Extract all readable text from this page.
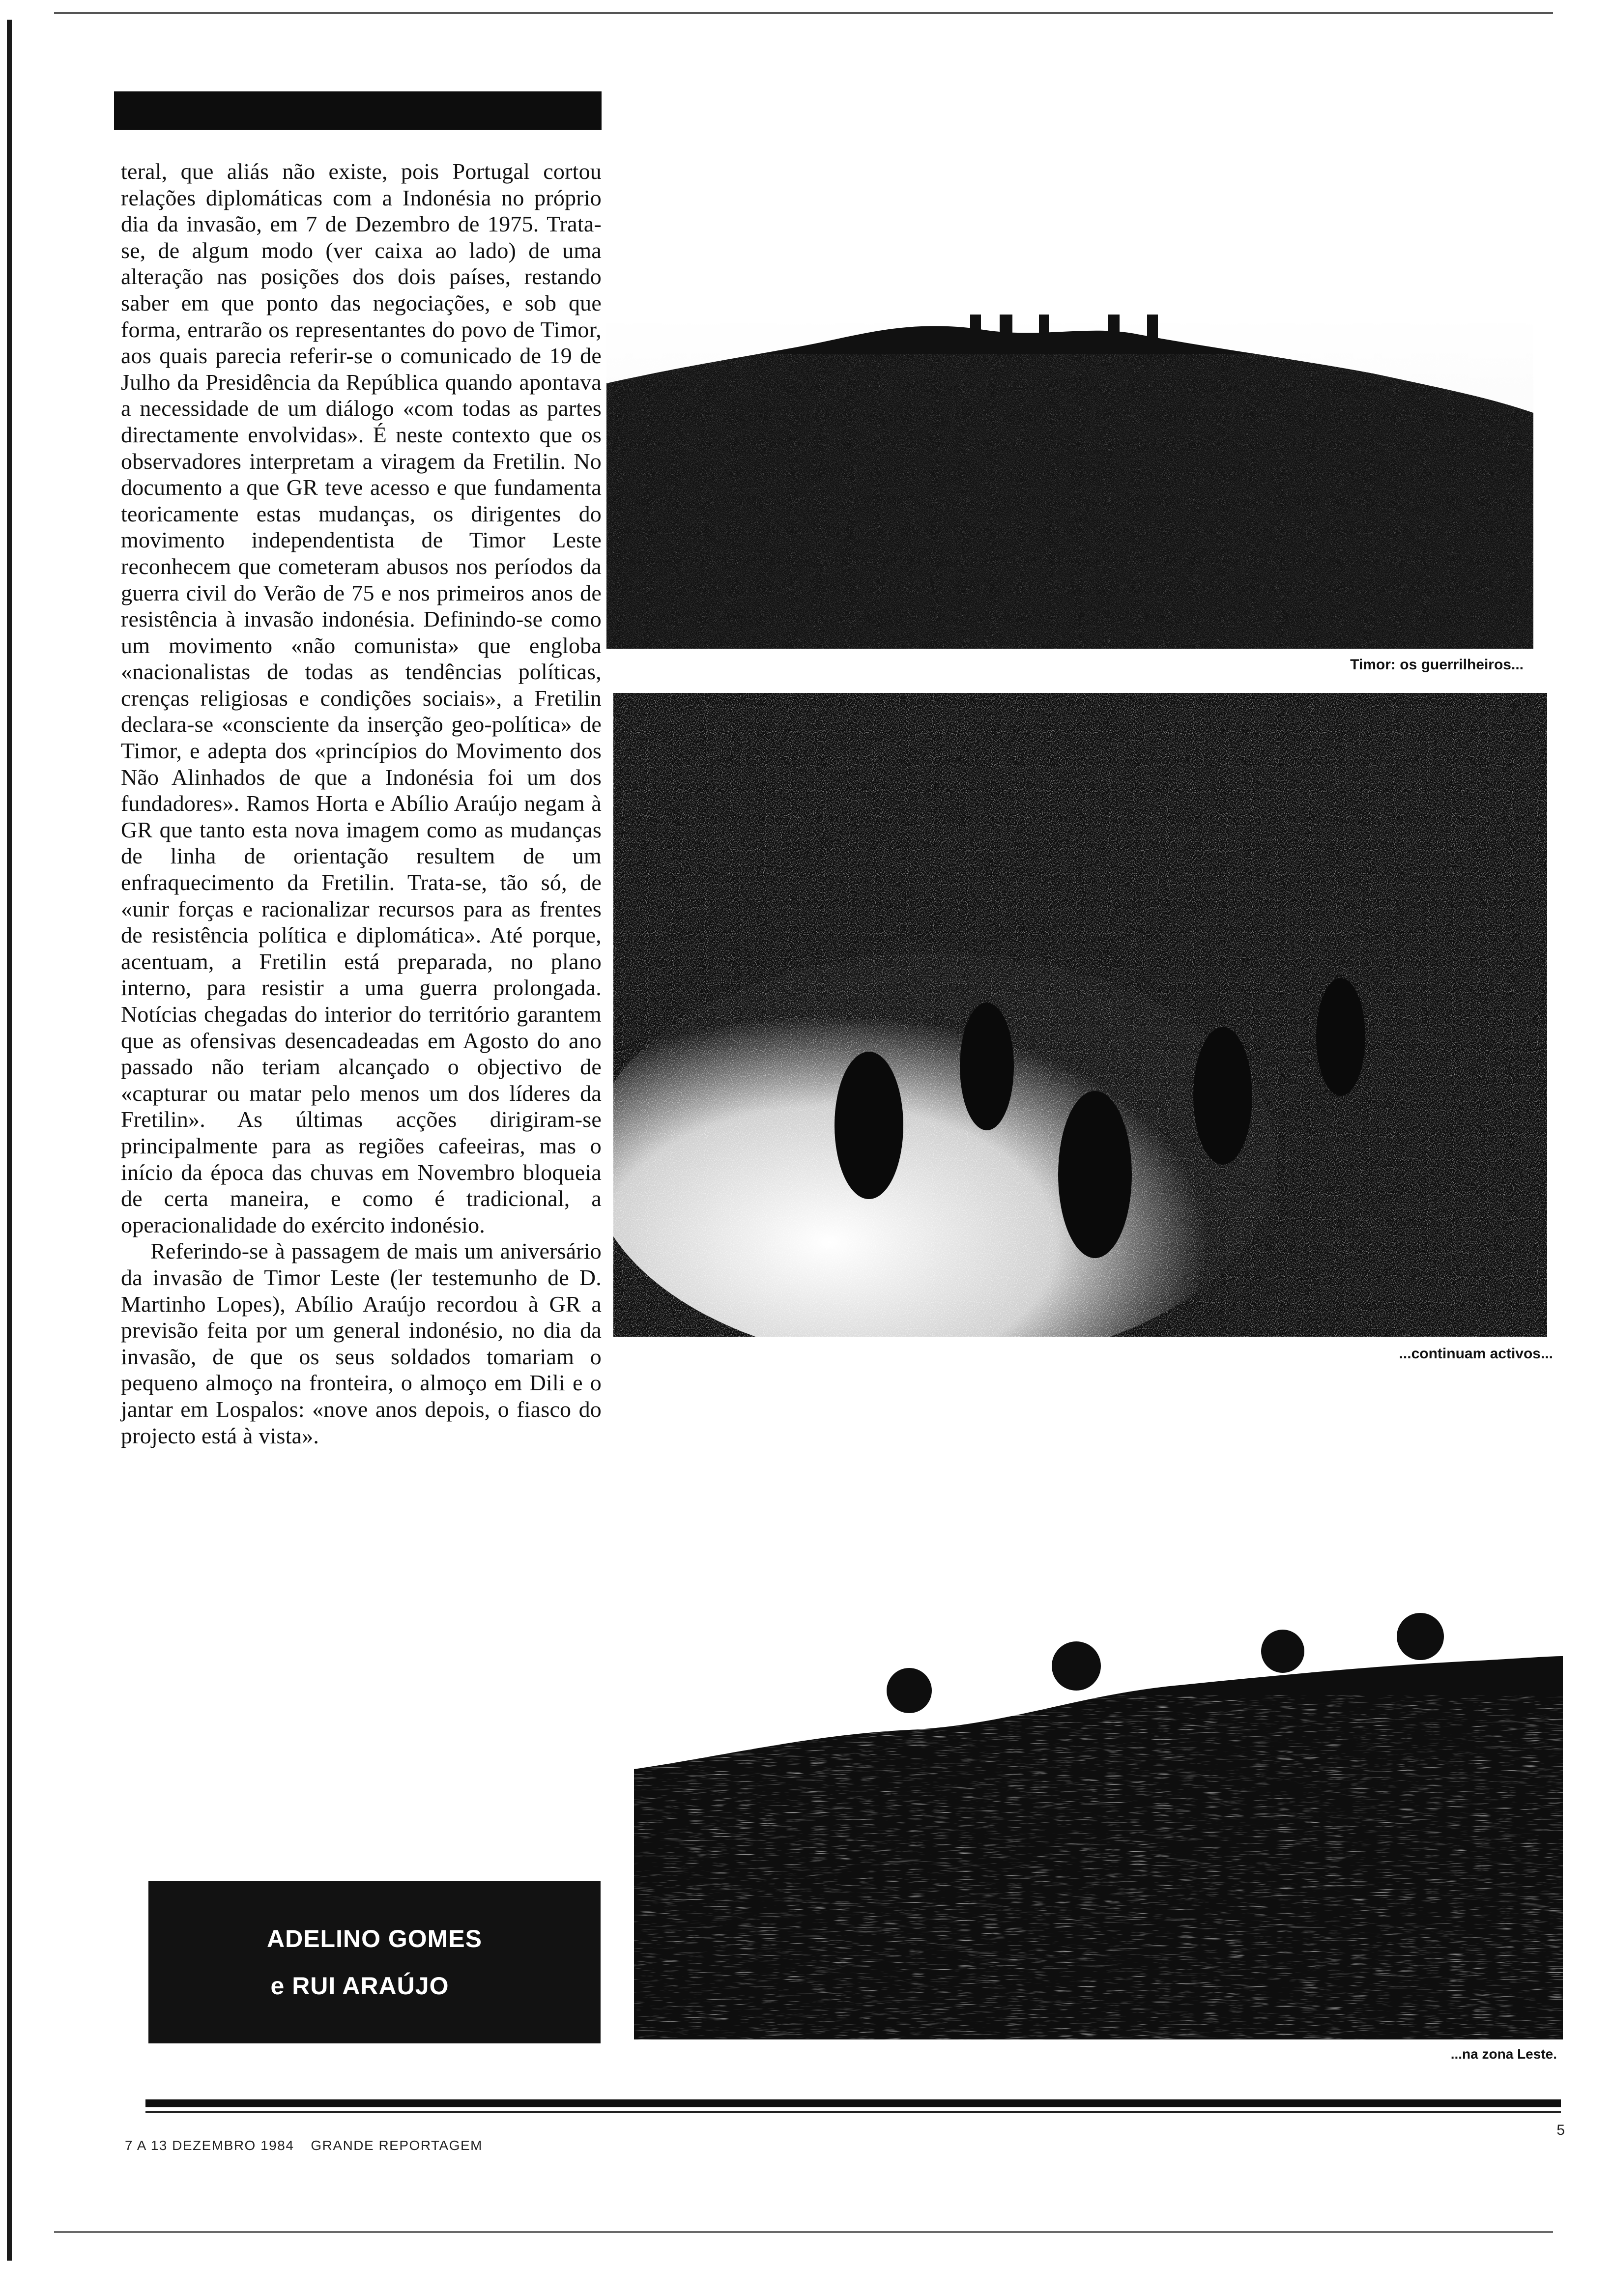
teral, que aliás não existe, pois Portugal cortou relações diplomáticas com a Indonésia no próprio dia da invasão, em 7 de Dezembro de 1975. Trata-se, de algum modo (ver caixa ao lado) de uma alteração nas posições dos dois países, restando saber em que ponto das negociações, e sob que forma, entrarão os representantes do povo de Timor, aos quais parecia referir-se o comunicado de 19 de Julho da Presidência da República quando apontava a necessidade de um diálogo «com todas as partes directamente envolvidas». É neste contexto que os observadores interpretam a viragem da Fretilin. No documento a que GR teve acesso e que fundamenta teoricamente estas mudanças, os dirigentes do movimento independentista de Timor Leste reconhecem que cometeram abusos nos períodos da guerra civil do Verão de 75 e nos primeiros anos de resistência à invasão indonésia. Definindo-se como um movimento «não comunista» que engloba «nacionalistas de todas as tendências políticas, crenças religiosas e condições sociais», a Fretilin declara-se «consciente da inserção geo-política» de Timor, e adepta dos «princípios do Movimento dos Não Alinhados de que a Indonésia foi um dos fundadores». Ramos Horta e Abílio Araújo negam à GR que tanto esta nova imagem como as mudanças de linha de orientação resultem de um enfraquecimento da Fretilin. Trata-se, tão só, de «unir forças e racionalizar recursos para as frentes de resistência política e diplomática». Até porque, acentuam, a Fretilin está preparada, no plano interno, para resistir a uma guerra prolongada. Notícias chegadas do interior do território garantem que as ofensivas desencadeadas em Agosto do ano passado não teriam alcançado o objectivo de «capturar ou matar pelo menos um dos líderes da Fretilin». As últimas acções dirigiram-se principalmente para as regiões cafeeiras, mas o início da época das chuvas em Novembro bloqueia de certa maneira, e como é tradicional, a operacionalidade do exército indonésio.

Referindo-se à passagem de mais um aniversário da invasão de Timor Leste (ler testemunho de D. Martinho Lopes), Abílio Araújo recordou à GR a previsão feita por um general indonésio, no dia da invasão, de que os seus soldados tomariam o pequeno almoço na fronteira, o almoço em Dili e o jantar em Lospalos: «nove anos depois, o fiasco do projecto está à vista».

ADELINO GOMES
e RUI ARAÚJO
Timor: os guerrilheiros...
...continuam activos...
...na zona Leste.
7 A 13 DEZEMBRO 1984 GRANDE REPORTAGEM
5
